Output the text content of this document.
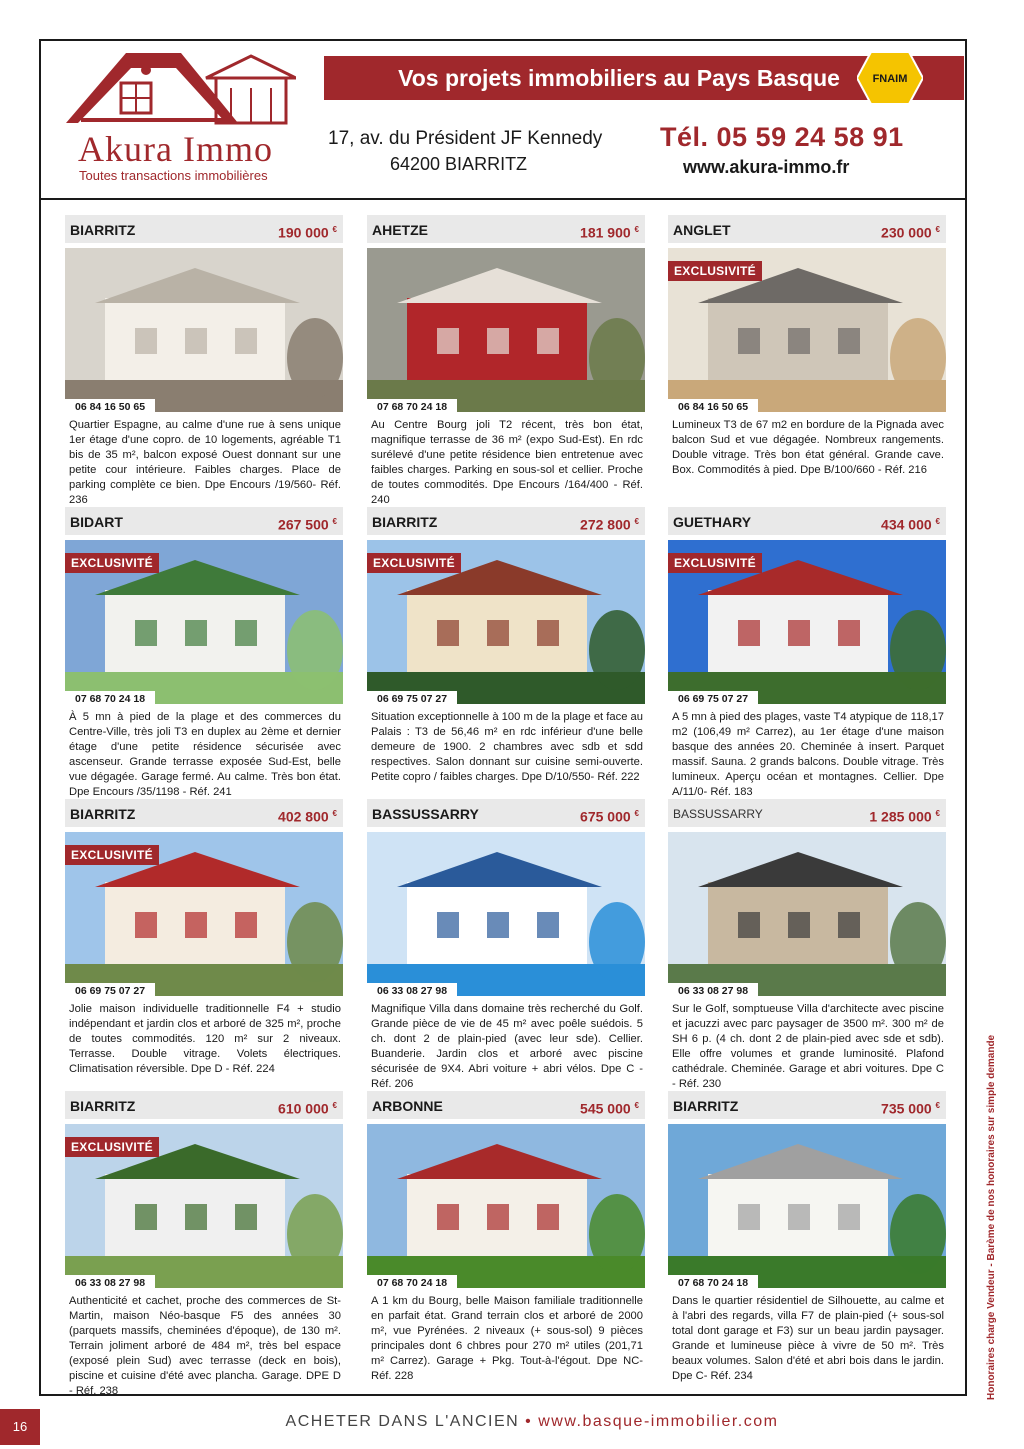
Akura Immo
Toutes transactions immobilières
Vos projets immobiliers au Pays Basque	FNAIM
17, av. du Président JF Kennedy
64200 BIARRITZ
Tél. 05 59 24 58 91
www.akura-immo.fr
BIARRITZ	190 000 €
06 84 16 50 65
Quartier Espagne, au calme d'une rue à sens unique 1er étage d'une copro. de 10 logements, agréable T1 bis de 35 m², balcon exposé Ouest donnant sur une petite cour intérieure. Faibles charges. Place de parking complète ce bien. Dpe Encours /19/560- Réf. 236
AHETZE	181 900 €
07 68 70 24 18
Au Centre Bourg joli T2 récent, très bon état, magnifique terrasse de 36 m² (expo Sud-Est). En rdc surélevé d'une petite résidence bien entretenue avec faibles charges. Parking en sous-sol et cellier. Proche de toutes commodités. Dpe Encours /164/400 - Réf. 240
ANGLET	230 000 €
EXCLUSIVITÉ
06 84 16 50 65
Lumineux T3 de 67 m2 en bordure de la Pignada avec balcon Sud et vue dégagée. Nombreux rangements. Double vitrage. Très bon état général. Grande cave. Box. Commodités à pied. Dpe B/100/660 - Réf. 216
BIDART	267 500 €
EXCLUSIVITÉ
07 68 70 24 18
À 5 mn à pied de la plage et des commerces du Centre-Ville, très joli T3 en duplex au 2ème et dernier étage d'une petite résidence sécurisée avec ascenseur. Grande terrasse exposée Sud-Est, belle vue dégagée. Garage fermé. Au calme. Très bon état. Dpe Encours /35/1198 - Réf. 241
BIARRITZ	272 800 €
EXCLUSIVITÉ
06 69 75 07 27
Situation exceptionnelle à 100 m de la plage et face au Palais : T3 de 56,46 m² en rdc inférieur d'une belle demeure de 1900. 2 chambres avec sdb et sdd respectives. Salon donnant sur cuisine semi-ouverte. Petite copro / faibles charges. Dpe D/10/550- Réf. 222
GUETHARY	434 000 €
EXCLUSIVITÉ
06 69 75 07 27
A 5 mn à pied des plages, vaste T4 atypique de 118,17 m2 (106,49 m² Carrez), au 1er étage d'une maison basque des années 20. Cheminée à insert. Parquet massif. Sauna. 2 grands balcons. Double vitrage. Très lumineux. Aperçu océan et montagnes. Cellier. Dpe A/11/0- Réf. 183
BIARRITZ	402 800 €
EXCLUSIVITÉ
06 69 75 07 27
Jolie maison individuelle traditionnelle F4 + studio indépendant et jardin clos et arboré de 325 m², proche de toutes commodités. 120 m² sur 2 niveaux. Terrasse. Double vitrage. Volets électriques. Climatisation réversible. Dpe D - Réf. 224
BASSUSSARRY	675 000 €
06 33 08 27 98
Magnifique Villa dans domaine très recherché du Golf. Grande pièce de vie de 45 m² avec poêle suédois. 5 ch. dont 2 de plain-pied (avec leur sde). Cellier. Buanderie. Jardin clos et arboré avec piscine sécurisée de 9X4. Abri voiture + abri vélos. Dpe C - Réf. 206
BASSUSSARRY	1 285 000 €
06 33 08 27 98
Sur le Golf, somptueuse Villa d'architecte avec piscine et jacuzzi avec parc paysager de 3500 m². 300 m² de SH 6 p. (4 ch. dont 2 de plain-pied avec sde et sdb). Elle offre volumes et grande luminosité. Plafond cathédrale. Cheminée. Garage et abri voitures. Dpe C - Réf. 230
BIARRITZ	610 000 €
EXCLUSIVITÉ
06 33 08 27 98
Authenticité et cachet, proche des commerces de St-Martin, maison Néo-basque F5 des années 30 (parquets massifs, cheminées d'époque), de 130 m². Terrain joliment arboré de 484 m², très bel espace (exposé plein Sud) avec terrasse (deck en bois), piscine et cuisine d'été avec plancha. Garage. DPE D - Réf. 238
ARBONNE	545 000 €
07 68 70 24 18
A 1 km du Bourg, belle Maison familiale traditionnelle en parfait état. Grand terrain clos et arboré de 2000 m², vue Pyrénées. 2 niveaux (+ sous-sol) 9 pièces principales dont 6 chbres pour 270 m² utiles (201,71 m² Carrez). Garage + Pkg. Tout-à-l'égout. Dpe NC- Réf. 228
BIARRITZ	735 000 €
07 68 70 24 18
Dans le quartier résidentiel de Silhouette, au calme et à l'abri des regards, villa F7 de plain-pied (+ sous-sol total dont garage et F3) sur un beau jardin paysager. Grande et lumineuse pièce à vivre de 50 m². Très beaux volumes. Salon d'été et abri bois dans le jardin. Dpe C- Réf. 234	Honoraires charge Vendeur - Barème de nos honoraires sur simple demande
16	ACHETER DANS L'ANCIEN • www.basque-immobilier.com
